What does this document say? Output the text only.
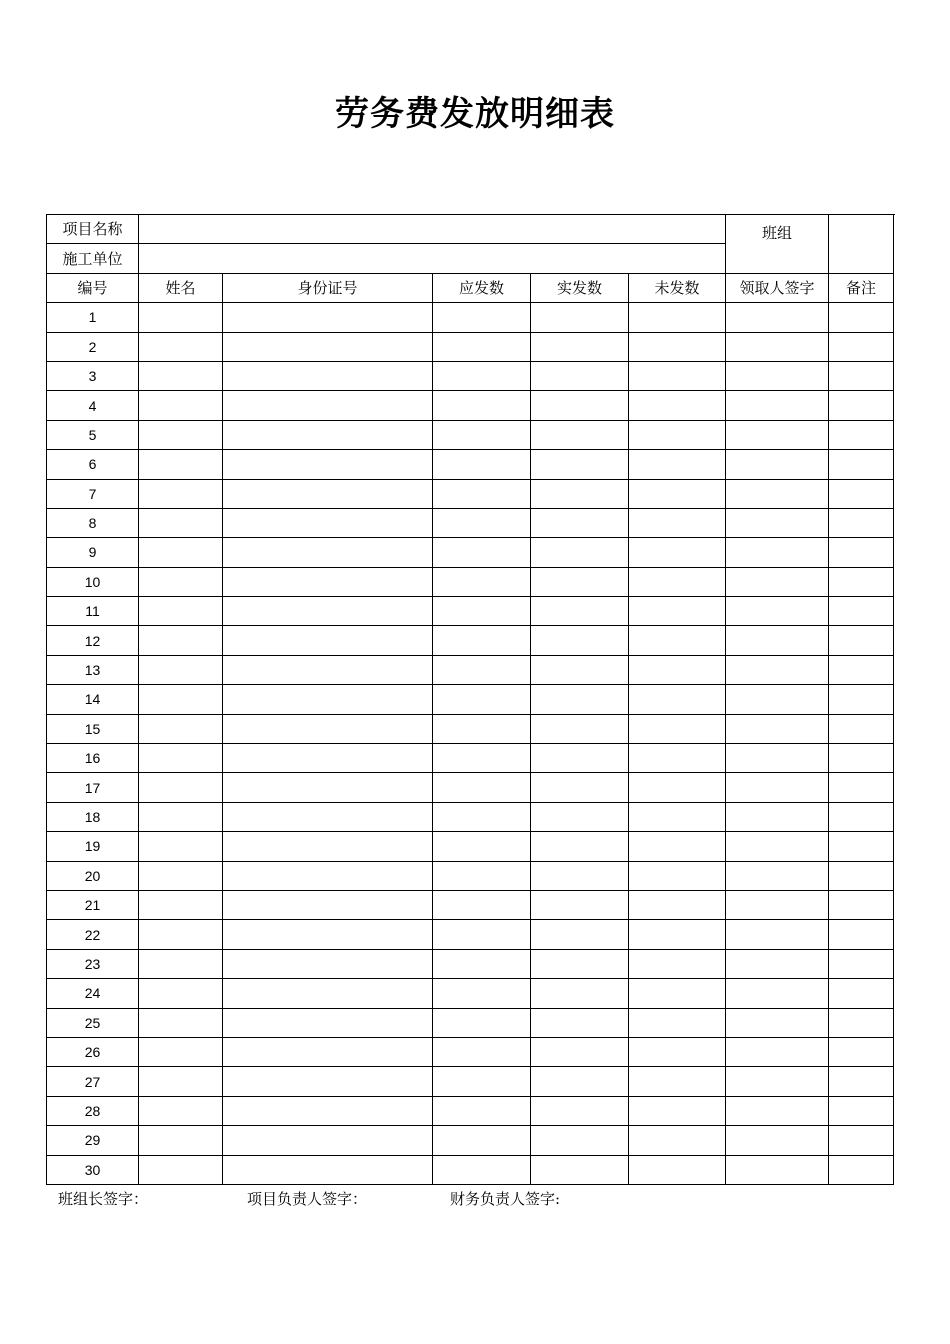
劳务费发放明细表
项目名称						班组	
施工单位							
编号	姓名	身份证号	应发数	实发数	未发数	领取人签字	备注
1							
2							
3							
4							
5							
6							
7							
8							
9							
10							
11							
12							
13							
14							
15							
16							
17							
18							
19							
20							
21							
22							
23							
24							
25							
26							
27							
28							
29							
30							
班组长签字：	项目负责人签字：	财务负责人签字:
